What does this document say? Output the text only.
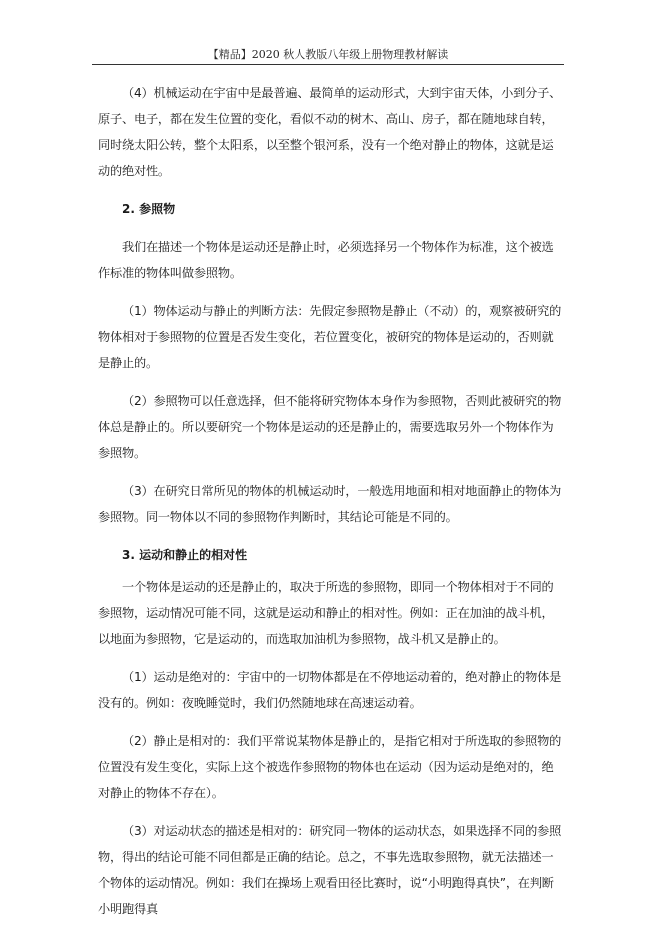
【精品】2020 秋人教版八年级上册物理教材解读

（4）机械运动在宇宙中是最普遍、最简单的运动形式，大到宇宙天体，小到分子、原子、电子，都在发生位置的变化，看似不动的树木、高山、房子，都在随地球自转，同时绕太阳公转，整个太阳系，以至整个银河系，没有一个绝对静止的物体，这就是运动的绝对性。

2. 参照物

我们在描述一个物体是运动还是静止时，必须选择另一个物体作为标准，这个被选作标准的物体叫做参照物。

（1）物体运动与静止的判断方法：先假定参照物是静止（不动）的，观察被研究的物体相对于参照物的位置是否发生变化，若位置变化，被研究的物体是运动的，否则就是静止的。

（2）参照物可以任意选择，但不能将研究物体本身作为参照物，否则此被研究的物体总是静止的。所以要研究一个物体是运动的还是静止的，需要选取另外一个物体作为参照物。

（3）在研究日常所见的物体的机械运动时，一般选用地面和相对地面静止的物体为参照物。同一物体以不同的参照物作判断时，其结论可能是不同的。

3. 运动和静止的相对性

一个物体是运动的还是静止的，取决于所选的参照物，即同一个物体相对于不同的参照物，运动情况可能不同，这就是运动和静止的相对性。例如：正在加油的战斗机，以地面为参照物，它是运动的，而选取加油机为参照物，战斗机又是静止的。

（1）运动是绝对的：宇宙中的一切物体都是在不停地运动着的，绝对静止的物体是没有的。例如：夜晚睡觉时，我们仍然随地球在高速运动着。

（2）静止是相对的：我们平常说某物体是静止的，是指它相对于所选取的参照物的位置没有发生变化，实际上这个被选作参照物的物体也在运动（因为运动是绝对的，绝对静止的物体不存在）。

（3）对运动状态的描述是相对的：研究同一物体的运动状态，如果选择不同的参照物，得出的结论可能不同但都是正确的结论。总之，不事先选取参照物，就无法描述一个物体的运动情况。例如：我们在操场上观看田径比赛时，说“小明跑得真快”，在判断小明跑得真
